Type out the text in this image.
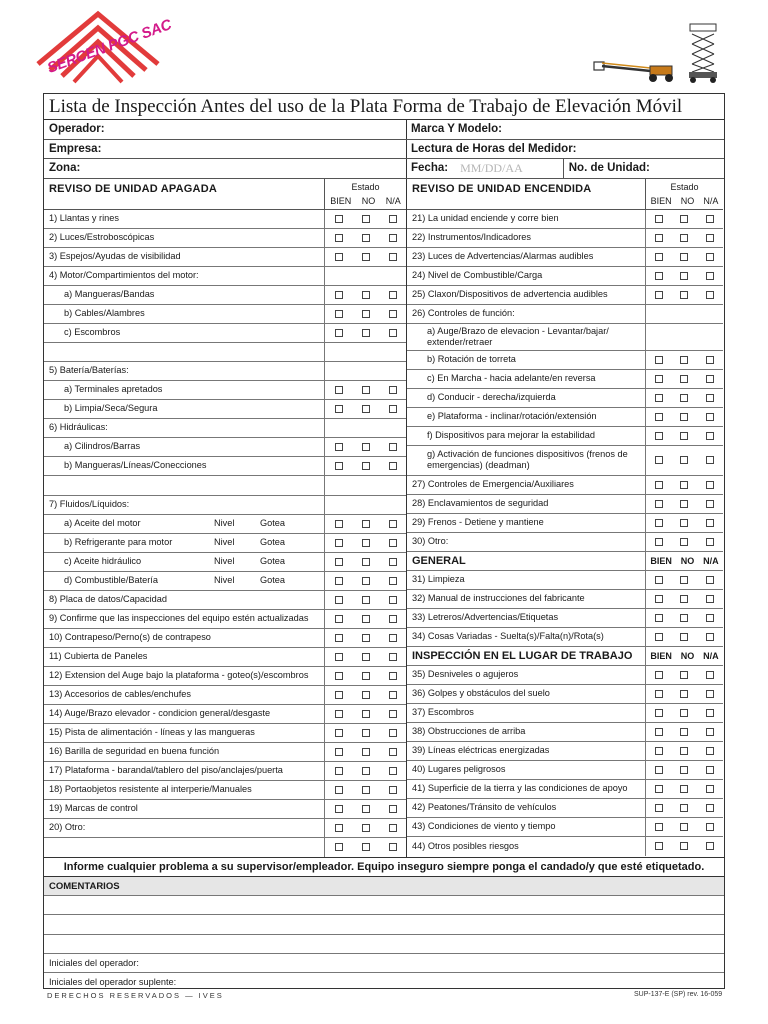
SERCEN PGC SAC
Lista de Inspección Antes del uso de la Plata Forma de Trabajo de Elevación Móvil
Operador:	Marca Y Modelo:
Empresa:	Lectura de Horas del Medidor:
Zona:	Fecha: MM/DD/AA	No. de Unidad:
REVISO DE UNIDAD APAGADA	Estado
BIEN NO N/A
1) Llantas y rines
2) Luces/Estroboscópicas
3) Espejos/Ayudas de visibilidad
4) Motor/Compartimientos del motor:
a) Mangueras/Bandas
b) Cables/Alambres
c) Escombros
5) Batería/Baterías:
a) Terminales apretados
b) Limpia/Seca/Segura
6) Hidráulicas:
a) Cilindros/Barras
b) Mangueras/Líneas/Conecciones
7) Fluidos/Líquidos:
a) Aceite del motor	Nivel	Gotea
b) Refrigerante para motor	Nivel	Gotea
c) Aceite hidráulico	Nivel	Gotea
d) Combustible/Batería	Nivel	Gotea
8) Placa de datos/Capacidad
9) Confirme que las inspecciones del equipo estén actualizadas
10) Contrapeso/Perno(s) de contrapeso
11) Cubierta de Paneles
12) Extension del Auge bajo la plataforma - goteo(s)/escombros
13) Accesorios de cables/enchufes
14) Auge/Brazo elevador - condicion general/desgaste
15) Pista de alimentación - líneas y las mangueras
16) Barilla de seguridad en buena función
17) Plataforma - barandal/tablero del piso/anclajes/puerta
18) Portaobjetos resistente al interperie/Manuales
19) Marcas de control
20) Otro:
REVISO DE UNIDAD ENCENDIDA	Estado
BIEN NO N/A
21) La unidad enciende y corre bien
22) Instrumentos/Indicadores
23) Luces de Advertencias/Alarmas audibles
24) Nivel de Combustible/Carga
25) Claxon/Dispositivos de advertencia audibles
26) Controles de función:
a) Auge/Brazo de elevacion - Levantar/bajar/ extender/retraer
b) Rotación de torreta
c) En Marcha - hacia adelante/en reversa
d) Conducir - derecha/izquierda
e) Plataforma - inclinar/rotación/extensión
f) Dispositivos para mejorar la estabilidad
g) Activación de funciones dispositivos (frenos de emergencias) (deadman)
27) Controles de Emergencia/Auxiliares
28) Enclavamientos de seguridad
29) Frenos - Detiene y mantiene
30) Otro:
GENERAL	BIEN NO N/A
31) Limpieza
32) Manual de instrucciones del fabricante
33) Letreros/Advertencias/Etiquetas
34) Cosas Variadas - Suelta(s)/Falta(n)/Rota(s)
INSPECCIÓN EN EL LUGAR DE TRABAJO	BIEN NO N/A
35) Desniveles o agujeros
36) Golpes y obstáculos del suelo
37) Escombros
38) Obstrucciones de arriba
39) Líneas eléctricas energizadas
40) Lugares peligrosos
41) Superficie de la tierra y las condiciones de apoyo
42) Peatones/Tránsito de vehículos
43) Condiciones de viento y tiempo
44) Otros posibles riesgos
Informe cualquier problema a su supervisor/empleador. Equipo inseguro siempre ponga el candado/y que esté etiquetado.
COMENTARIOS
Iniciales del operador:
Iniciales del operador suplente:
DERECHOS RESERVADOS — IVES	SUP-137-E (SP) rev. 16-059
